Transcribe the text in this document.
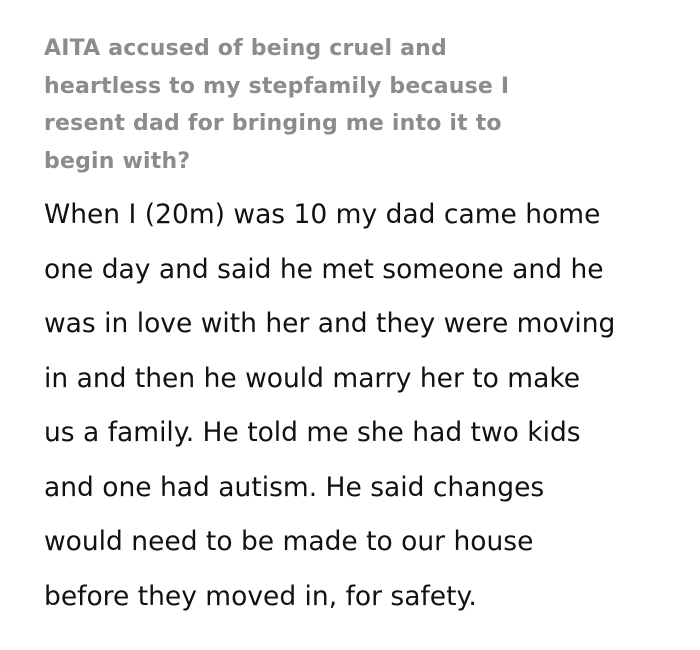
AITA accused of being cruel and
heartless to my stepfamily because I
resent dad for bringing me into it to
begin with?

When I (20m) was 10 my dad came home
one day and said he met someone and he
was in love with her and they were moving
in and then he would marry her to make
us a family. He told me she had two kids
and one had autism. He said changes
would need to be made to our house
before they moved in, for safety.
